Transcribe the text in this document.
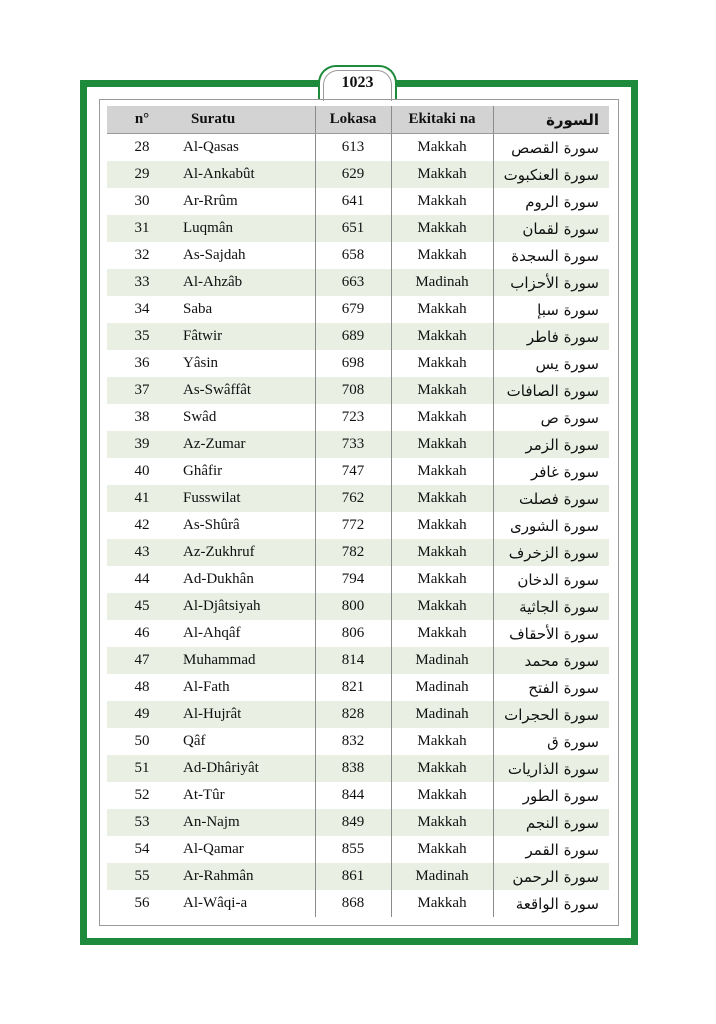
1023
n°	Suratu	Lokasa	Ekitaki na	السورة
28	Al-Qasas	613	Makkah	سورة القصص
29	Al-Ankabût	629	Makkah	سورة العنكبوت
30	Ar-Rrûm	641	Makkah	سورة الروم
31	Luqmân	651	Makkah	سورة لقمان
32	As-Sajdah	658	Makkah	سورة السجدة
33	Al-Ahzâb	663	Madinah	سورة الأحزاب
34	Saba	679	Makkah	سورة سبإ
35	Fâtwir	689	Makkah	سورة فاطر
36	Yâsin	698	Makkah	سورة يس
37	As-Swâffât	708	Makkah	سورة الصافات
38	Swâd	723	Makkah	سورة ص
39	Az-Zumar	733	Makkah	سورة الزمر
40	Ghâfir	747	Makkah	سورة غافر
41	Fusswilat	762	Makkah	سورة فصلت
42	As-Shûrâ	772	Makkah	سورة الشورى
43	Az-Zukhruf	782	Makkah	سورة الزخرف
44	Ad-Dukhân	794	Makkah	سورة الدخان
45	Al-Djâtsiyah	800	Makkah	سورة الجاثية
46	Al-Ahqâf	806	Makkah	سورة الأحقاف
47	Muhammad	814	Madinah	سورة محمد
48	Al-Fath	821	Madinah	سورة الفتح
49	Al-Hujrât	828	Madinah	سورة الحجرات
50	Qâf	832	Makkah	سورة ق
51	Ad-Dhâriyât	838	Makkah	سورة الذاريات
52	At-Tûr	844	Makkah	سورة الطور
53	An-Najm	849	Makkah	سورة النجم
54	Al-Qamar	855	Makkah	سورة القمر
55	Ar-Rahmân	861	Madinah	سورة الرحمن
56	Al-Wâqi-a	868	Makkah	سورة الواقعة
